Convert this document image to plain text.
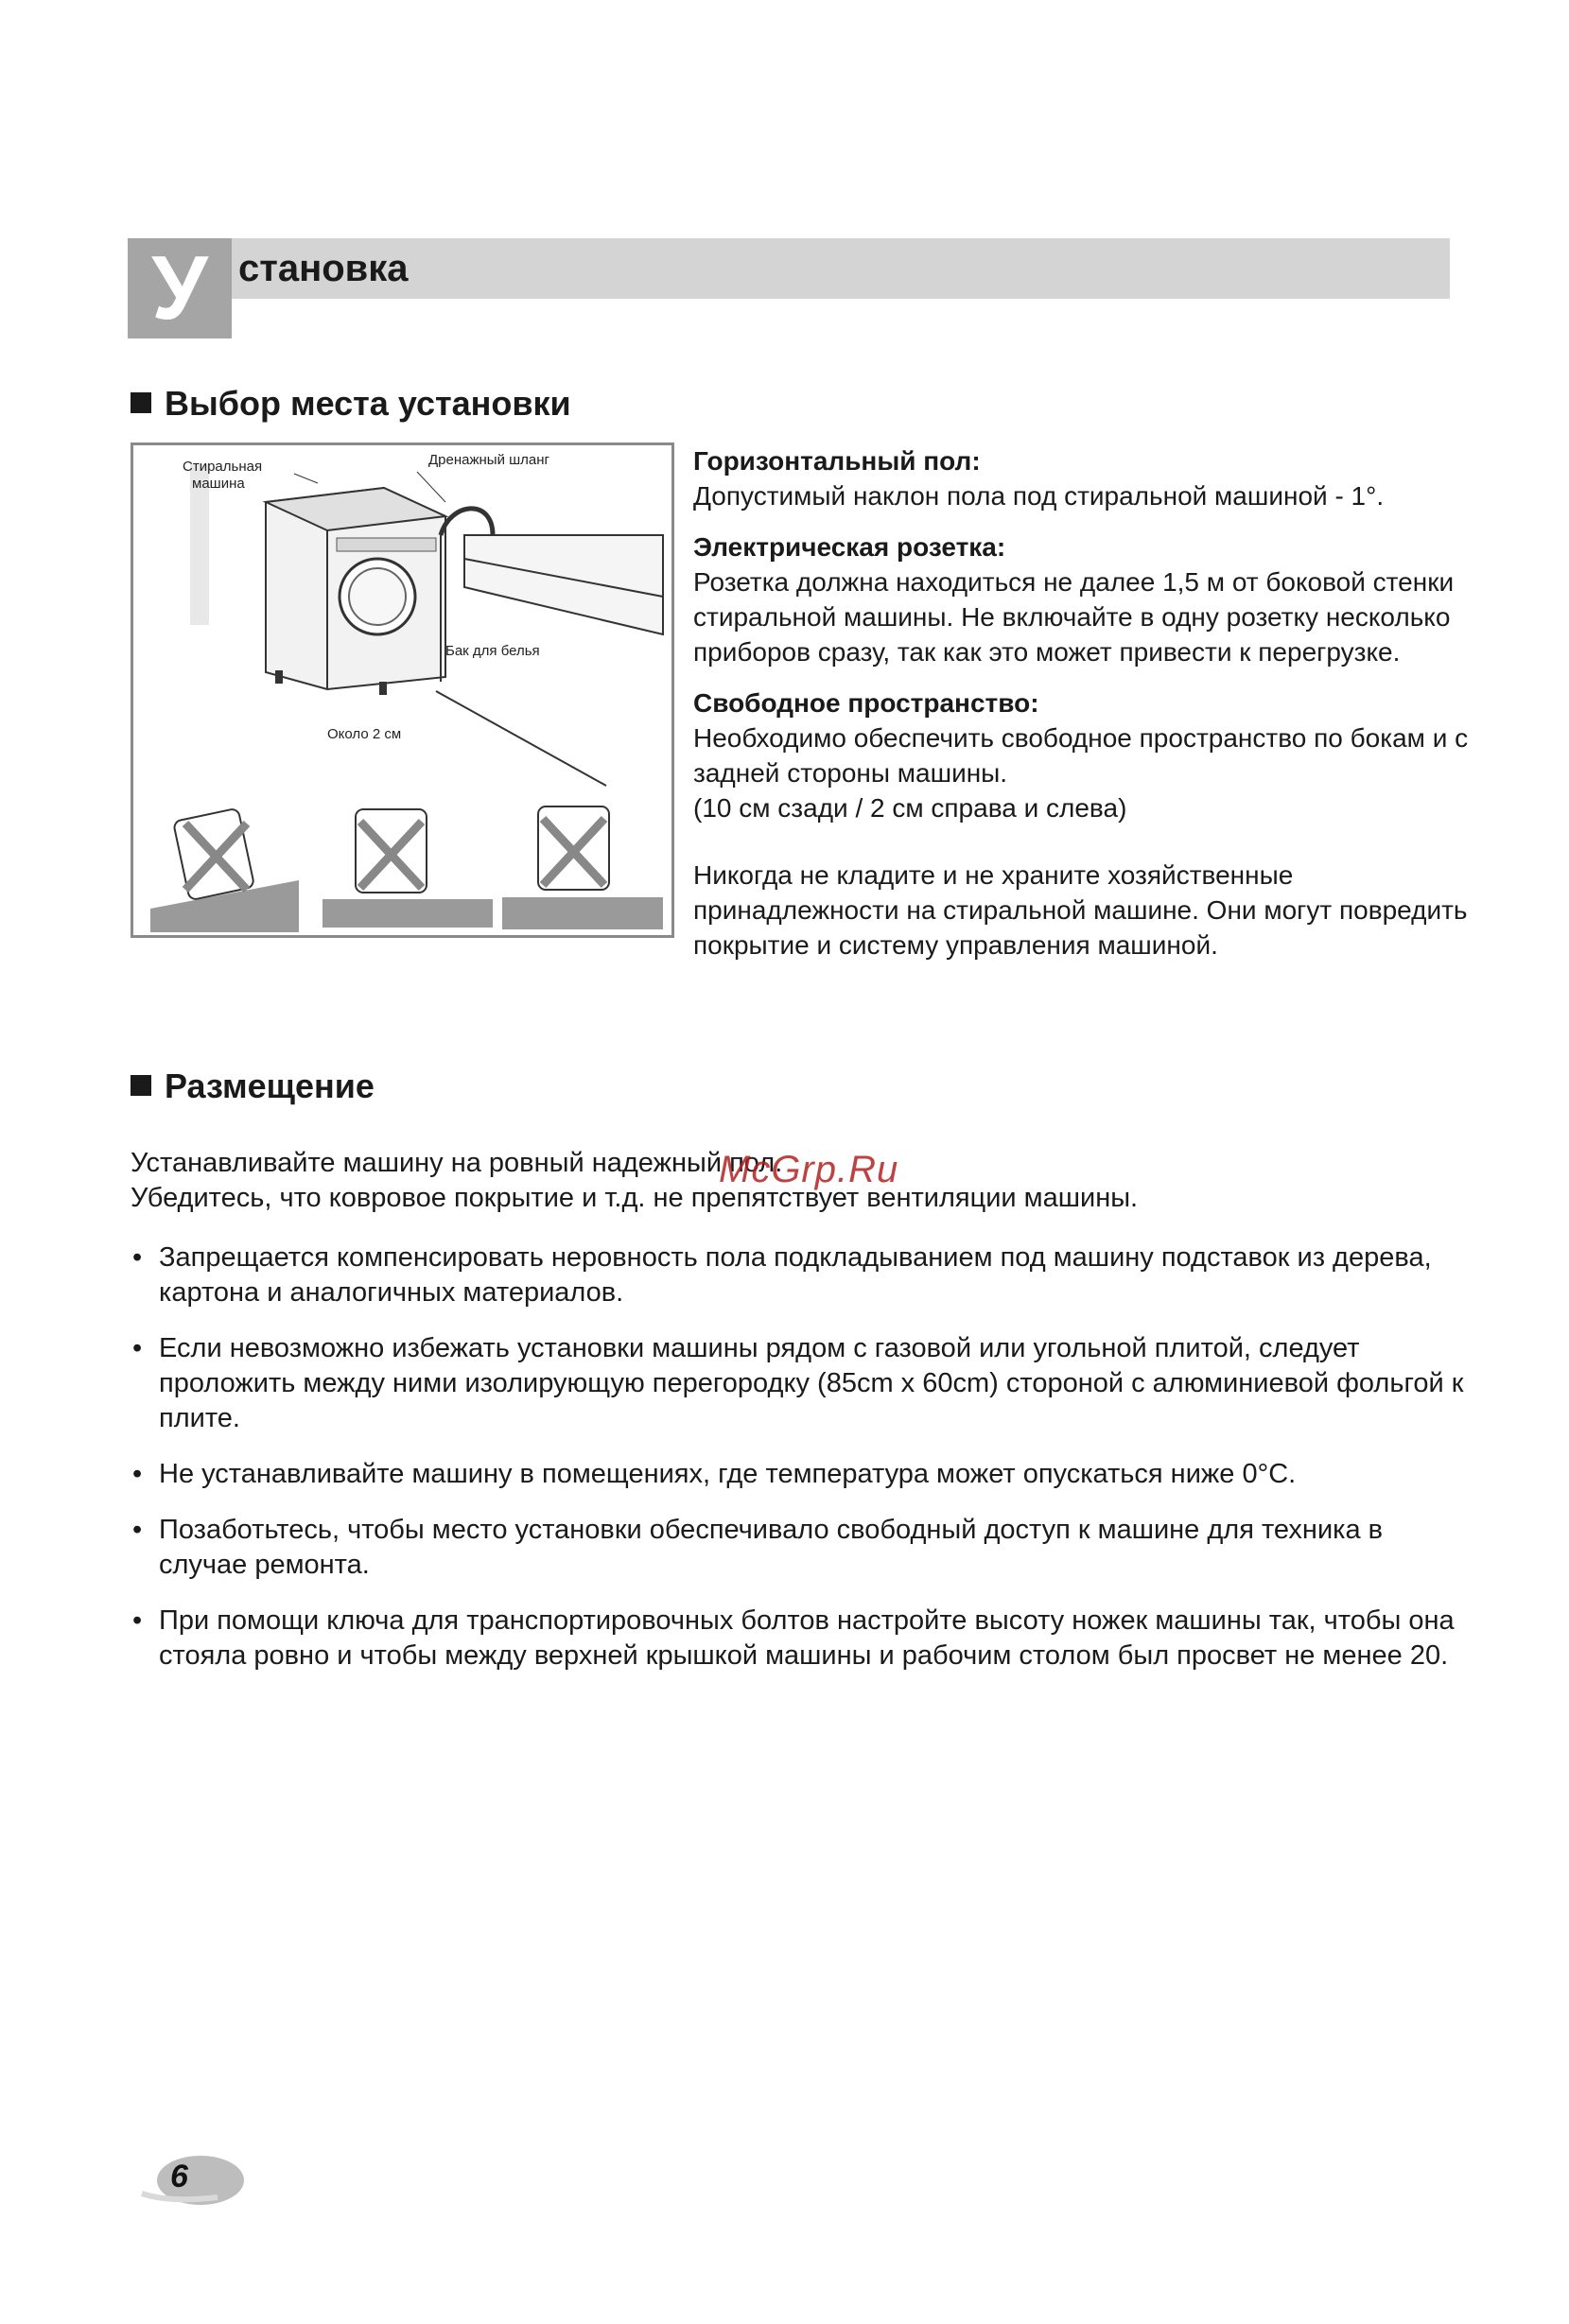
У становка
Выбор места установки
Стиральная
машина
Дренажный шланг
Бак для белья
Около 2 см

Горизонтальный пол:

Допустимый наклон пола под стиральной машиной - 1°.

Электрическая розетка:

Розетка должна находиться не далее 1,5 м от боковой стенки стиральной машины. Не включайте в одну розетку несколько приборов сразу, так как это может привести к перегрузке.

Свободное пространство:

Необходимо обеспечить свободное пространство по бокам и с задней стороны машины.

(10 см сзади / 2 см справа и слева)

Никогда не кладите и не храните хозяйственные принадлежности на стиральной машине. Они могут повредить покрытие и систему управления машиной.

Размещение

Устанавливайте машину на ровный надежный пол.
Убедитесь, что ковровое покрытие и т.д. не препятствует вентиляции машины.

• Запрещается компенсировать неровность пола подкладыванием под машину подставок из дерева, картона и аналогичных материалов.
• Если невозможно избежать установки машины рядом с газовой или угольной плитой, следует проложить между ними изолирующую перегородку (85cm x 60cm) стороной с алюминиевой фольгой к плите.
• Не устанавливайте машину в помещениях, где температура может опускаться ниже 0°C.
• Позаботьтесь, чтобы место установки обеспечивало свободный доступ к машине для техника в случае ремонта.
• При помощи ключа для транспортировочных болтов настройте высоту ножек машины так, чтобы она стояла ровно и чтобы между верхней крышкой машины и рабочим столом был просвет не менее 20.
McGrp.Ru
6
